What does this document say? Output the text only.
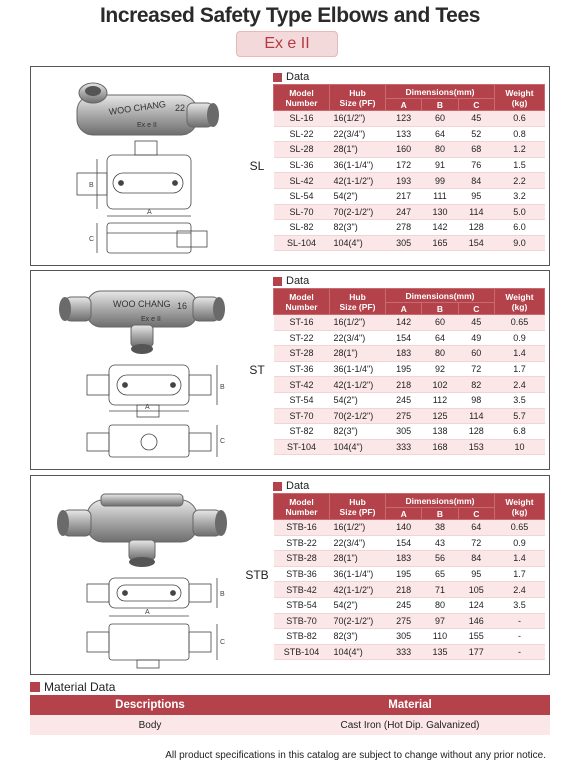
Increased Safety Type Elbows and Tees
Ex e II
WOO CHANG 22
Ex e II
B
A
C
SL
Data
Model
Number	Hub
Size (PF)	Dimensions(mm)			Weight
(kg)
		A	B	C	
SL-16	16(1/2")	123	60	45	0.6
SL-22	22(3/4")	133	64	52	0.8
SL-28	28(1")	160	80	68	1.2
SL-36	36(1-1/4")	172	91	76	1.5
SL-42	42(1-1/2")	193	99	84	2.2
SL-54	54(2")	217	111	95	3.2
SL-70	70(2-1/2")	247	130	114	5.0
SL-82	82(3")	278	142	128	6.0
SL-104	104(4")	305	165	154	9.0
WOO CHANG 16
Ex e II
A
B
C
ST
Data
Model
Number	Hub
Size (PF)	Dimensions(mm)			Weight
(kg)
		A	B	C	
ST-16	16(1/2")	142	60	45	0.65
ST-22	22(3/4")	154	64	49	0.9
ST-28	28(1")	183	80	60	1.4
ST-36	36(1-1/4")	195	92	72	1.7
ST-42	42(1-1/2")	218	102	82	2.4
ST-54	54(2")	245	112	98	3.5
ST-70	70(2-1/2")	275	125	114	5.7
ST-82	82(3")	305	138	128	6.8
ST-104	104(4")	333	168	153	10
A
B
C
STB
Data
Model
Number	Hub
Size (PF)	Dimensions(mm)			Weight
(kg)
		A	B	C	
STB-16	16(1/2")	140	38	64	0.65
STB-22	22(3/4")	154	43	72	0.9
STB-28	28(1")	183	56	84	1.4
STB-36	36(1-1/4")	195	65	95	1.7
STB-42	42(1-1/2")	218	71	105	2.4
STB-54	54(2")	245	80	124	3.5
STB-70	70(2-1/2")	275	97	146	-
STB-82	82(3")	305	110	155	-
STB-104	104(4")	333	135	177	-
Material Data
Descriptions	Material
Body	Cast Iron (Hot Dip. Galvanized)
All product specifications in this catalog are subject to change without any prior notice.
